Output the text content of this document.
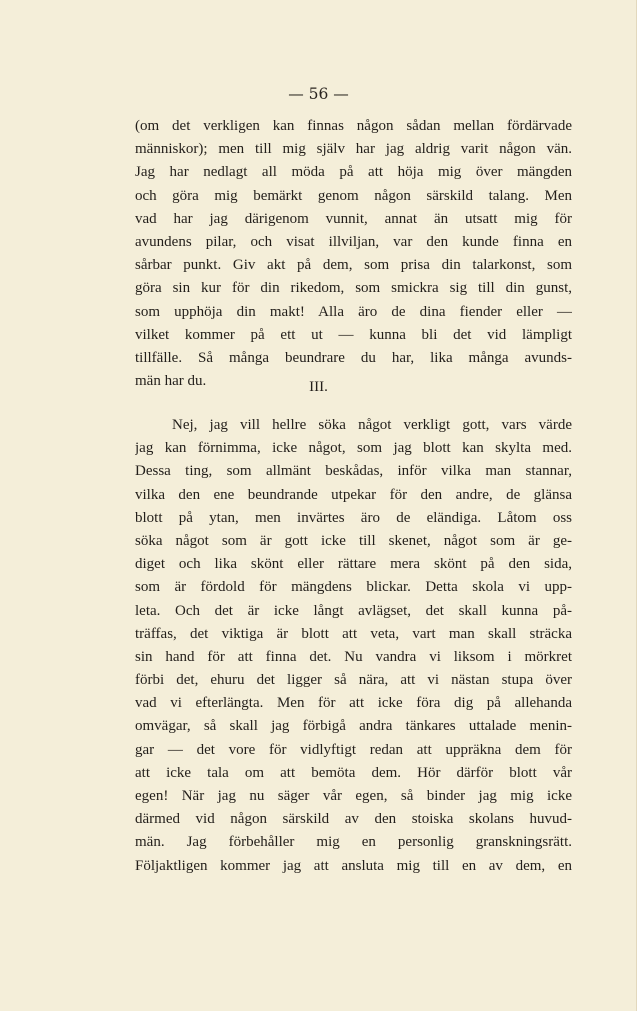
— 56 —
(om det verkligen kan finnas någon sådan mellan fördärvade
människor); men till mig själv har jag aldrig varit någon vän.
Jag har nedlagt all möda på att höja mig över mängden
och göra mig bemärkt genom någon särskild talang. Men
vad har jag därigenom vunnit, annat än utsatt mig för
avundens pilar, och visat illviljan, var den kunde finna en
sårbar punkt. Giv akt på dem, som prisa din talarkonst, som
göra sin kur för din rikedom, som smickra sig till din gunst,
som upphöja din makt! Alla äro de dina fiender eller —
vilket kommer på ett ut — kunna bli det vid lämpligt
tillfälle. Så många beundrare du har, lika många avunds-
män har du.	III.
Nej, jag vill hellre söka något verkligt gott, vars värde
jag kan förnimma, icke något, som jag blott kan skylta med.
Dessa ting, som allmänt beskådas, inför vilka man stannar,
vilka den ene beundrande utpekar för den andre, de glänsa
blott på ytan, men invärtes äro de eländiga. Låtom oss
söka något som är gott icke till skenet, något som är ge-
diget och lika skönt eller rättare mera skönt på den sida,
som är fördold för mängdens blickar. Detta skola vi upp-
leta. Och det är icke långt avlägset, det skall kunna på-
träffas, det viktiga är blott att veta, vart man skall sträcka
sin hand för att finna det. Nu vandra vi liksom i mörkret
förbi det, ehuru det ligger så nära, att vi nästan stupa över
vad vi efterlängta. Men för att icke föra dig på allehanda
omvägar, så skall jag förbigå andra tänkares uttalade menin-
gar — det vore för vidlyftigt redan att uppräkna dem för
att icke tala om att bemöta dem. Hör därför blott vår
egen! När jag nu säger vår egen, så binder jag mig icke
därmed vid någon särskild av den stoiska skolans huvud-
män. Jag förbehåller mig en personlig granskningsrätt.
Följaktligen kommer jag att ansluta mig till en av dem, en
